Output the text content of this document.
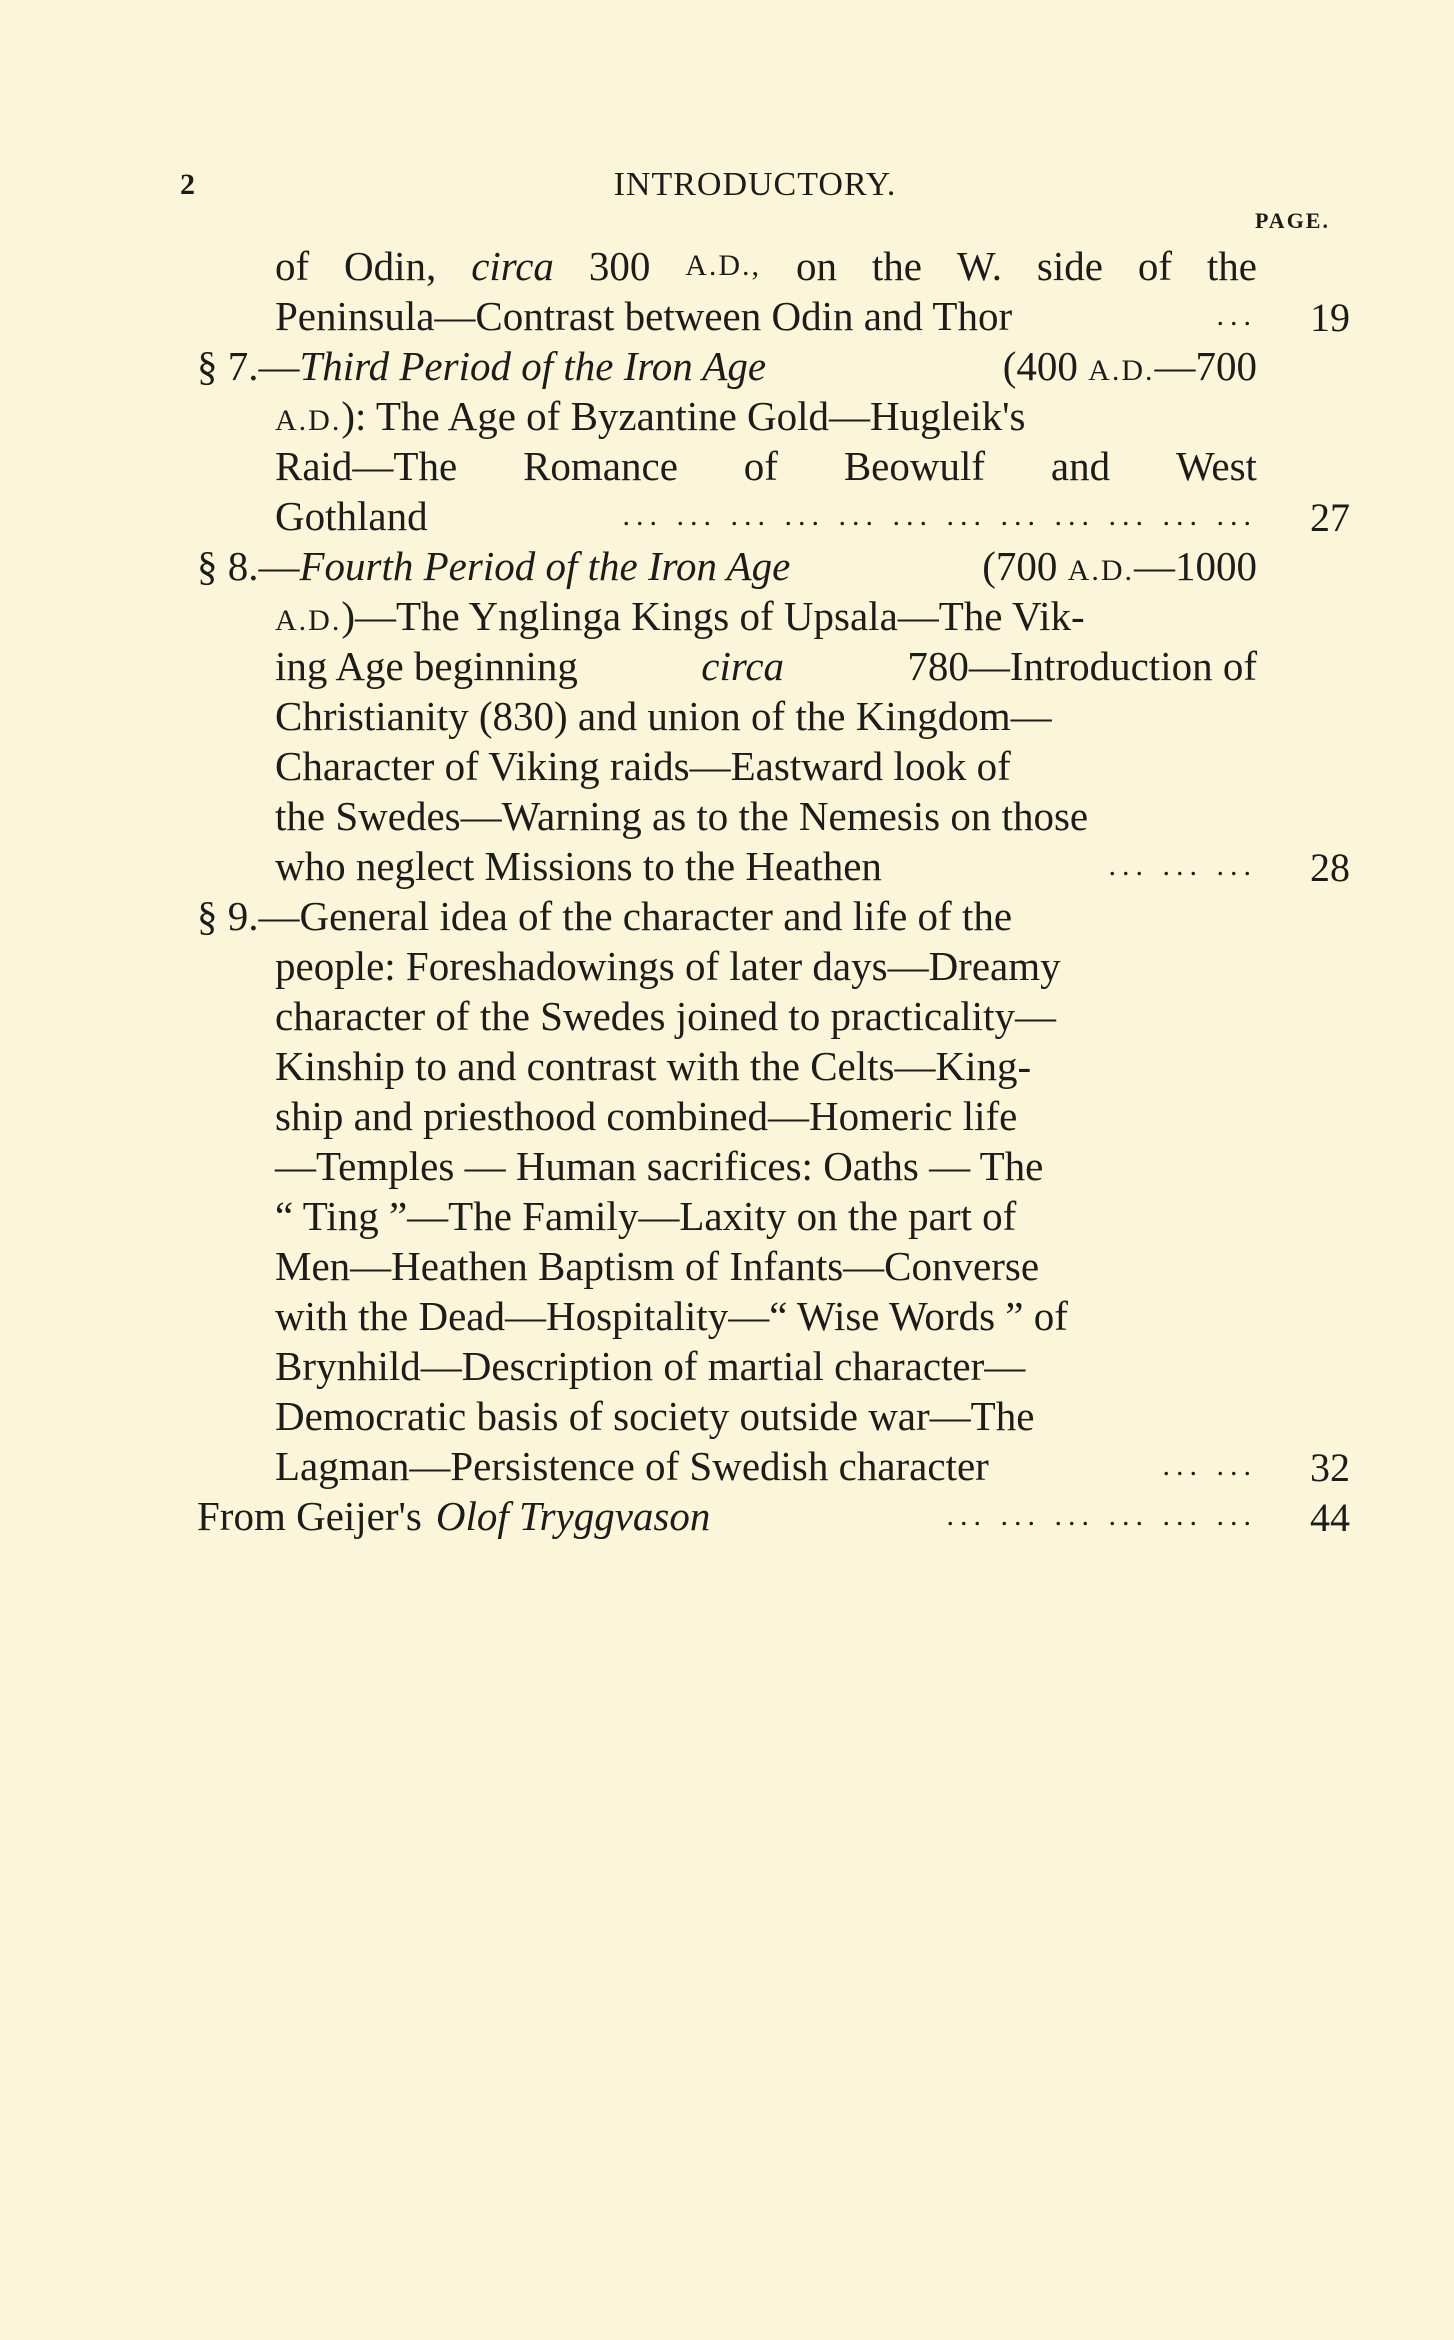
2	INTRODUCTORY.
PAGE.
of Odin, circa 300 A.D., on the W. side of the
Peninsula—Contrast between Odin and Thor	... 19
§ 7.—Third Period of the Iron Age	(400 A.D.—700
A.D.): The Age of Byzantine Gold—Hugleik's
Raid—The Romance of Beowulf and West
Gothland	... ... ... ... ... ... ... ... ... ... ... ... 27
§ 8.—Fourth Period of the Iron Age	(700 A.D.—1000
A.D.)—The Ynglinga Kings of Upsala—The Vik-
ing Age beginning	circa	780—Introduction of
Christianity (830) and union of the Kingdom—
Character of Viking raids—Eastward look of
the Swedes—Warning as to the Nemesis on those
who neglect Missions to the Heathen	... ... ... 28
§ 9.—General idea of the character and life of the
people: Foreshadowings of later days—Dreamy
character of the Swedes joined to practicality—
Kinship to and contrast with the Celts—King-
ship and priesthood combined—Homeric life
—Temples — Human sacrifices: Oaths — The
“ Ting ”—The Family—Laxity on the part of
Men—Heathen Baptism of Infants—Converse
with the Dead—Hospitality—“ Wise Words ” of
Brynhild—Description of martial character—
Democratic basis of society outside war—The
Lagman—Persistence of Swedish character	... ... 32
From Geijer's Olof Tryggvason	... ... ... ... ... ... 44
